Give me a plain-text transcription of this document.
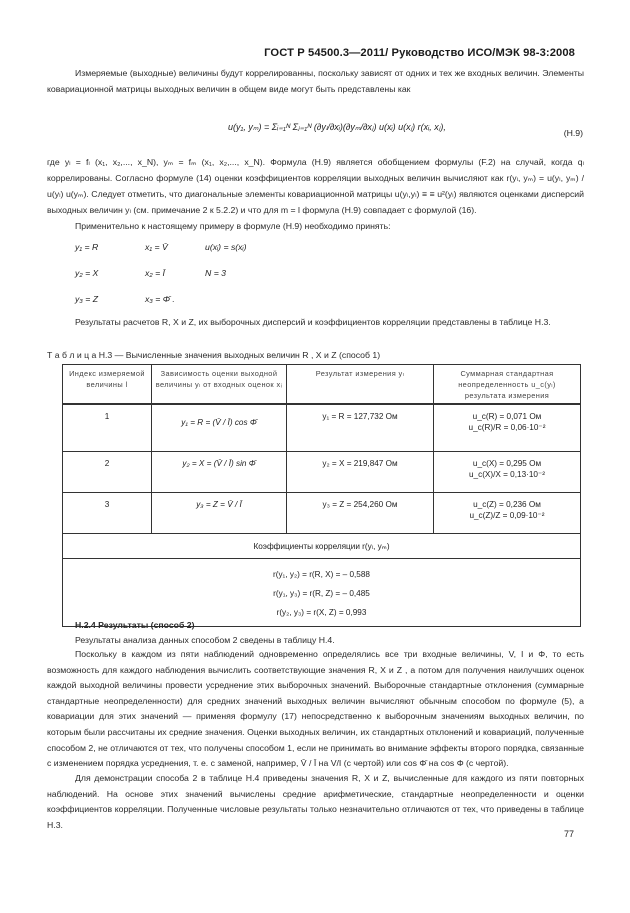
ГОСТ Р 54500.3—2011/ Руководство ИСО/МЭК 98-3:2008
Измеряемые (выходные) величины будут коррелированны, поскольку зависят от одних и тех же входных величин. Элементы ковариационной матрицы выходных величин в общем виде могут быть представлены как
u(y₁, yₘ) = Σᵢ₌₁ᴺ Σⱼ₌₁ᴺ (∂yₗ/∂xᵢ)(∂yₘ/∂xⱼ) u(xᵢ) u(xⱼ) r(xᵢ, xⱼ),
(H.9)
где yₗ = fₗ (x₁, x₂,..., x_N), yₘ = fₘ (x₁, x₂,..., x_N). Формула (H.9) является обобщением формулы (F.2) на случай, когда qₗ коррелированы. Согласно формуле (14) оценки коэффициентов корреляции выходных величин вычисляют как r(yₗ, yₘ) = u(yₗ, yₘ) / u(yₗ) u(yₘ). Следует отметить, что диагональные элементы ковариационной матрицы u(yₗ,yₗ) ≡ ≡ u²(yₗ) являются оценками дисперсий выходных величин yₗ (см. примечание 2 к 5.2.2) и что для m = l формула (H.9) совпадает с формулой (16).
Применительно к настоящему примеру в формуле (H.9) необходимо принять:
y₁ = R	x₁ = V̄	u(xᵢ) = s(xᵢ)
y₂ = X	x₂ = Ī	N = 3
y₃ = Z	x₃ = Φ̄ .
Результаты расчетов R, X и Z, их выборочных дисперсий и коэффициентов корреляции представлены в таблице H.3.
Т а б л и ц а H.3 — Вычисленные значения выходных величин R , X и Z (способ 1)
Индекс измеряемой величины l	Зависимость оценки выходной величины yₗ от входных оценок xᵢ	Результат измерения yₗ	Суммарная стандартная неопределенность u_c(yₗ) результата измерения
1	y₁ = R = (V̄ / Ī) cos Φ̄	y₁ = R = 127,732 Ом	u_c(R) = 0,071 Ом
u_c(R)/R = 0,06·10⁻²

2	y₂ = X = (V̄ / Ī) sin Φ̄	y₂ = X = 219,847 Ом	u_c(X) = 0,295 Ом
u_c(X)/X = 0,13·10⁻²

3	y₃ = Z = V̄ / Ī	y₃ = Z = 254,260 Ом	u_c(Z) = 0,236 Ом
u_c(Z)/Z = 0,09·10⁻²

Коэффициенты корреляции r(yₗ, yₘ)			

r(y₁, y₂) = r(R, X) = – 0,588
r(y₁, y₃) = r(R, Z) = – 0,485
r(y₂, y₃) = r(X, Z) = 0,993			
H.2.4 Результаты (способ 2)
Результаты анализа данных способом 2 сведены в таблицу H.4.
Поскольку в каждом из пяти наблюдений одновременно определялись все три входные величины, V, I и Φ, то есть возможность для каждого наблюдения вычислить соответствующие значения R, X и Z , а потом для получения наилучших оценок каждой выходной величины провести усреднение этих выборочных значений. Выборочные стандартные отклонения (суммарные стандартные неопределенности) для средних значений выходных величин вычисляют обычным способом по формуле (5), а ковариации для этих значений — применяя формулу (17) непосредственно к выборочным значениям выходных величин, по которым были рассчитаны их средние значения. Оценки выходных величин, их стандартных отклонений и ковариаций, полученные способом 2, не отличаются от тех, что получены способом 1, если не принимать во внимание эффекты второго порядка, связанные с изменением порядка усреднения, т. е. с заменой, например, V̄ / Ī на V/I (с чертой) или cos Φ̄ на cos Φ (с чертой).
Для демонстрации способа 2 в таблице H.4 приведены значения R, X и Z, вычисленные для каждого из пяти повторных наблюдений. На основе этих значений вычислены средние арифметические, стандартные неопределенности и оценки коэффициентов корреляции. Полученные числовые результаты только незначительно отличаются от тех, что приведены в таблице H.3.
77
